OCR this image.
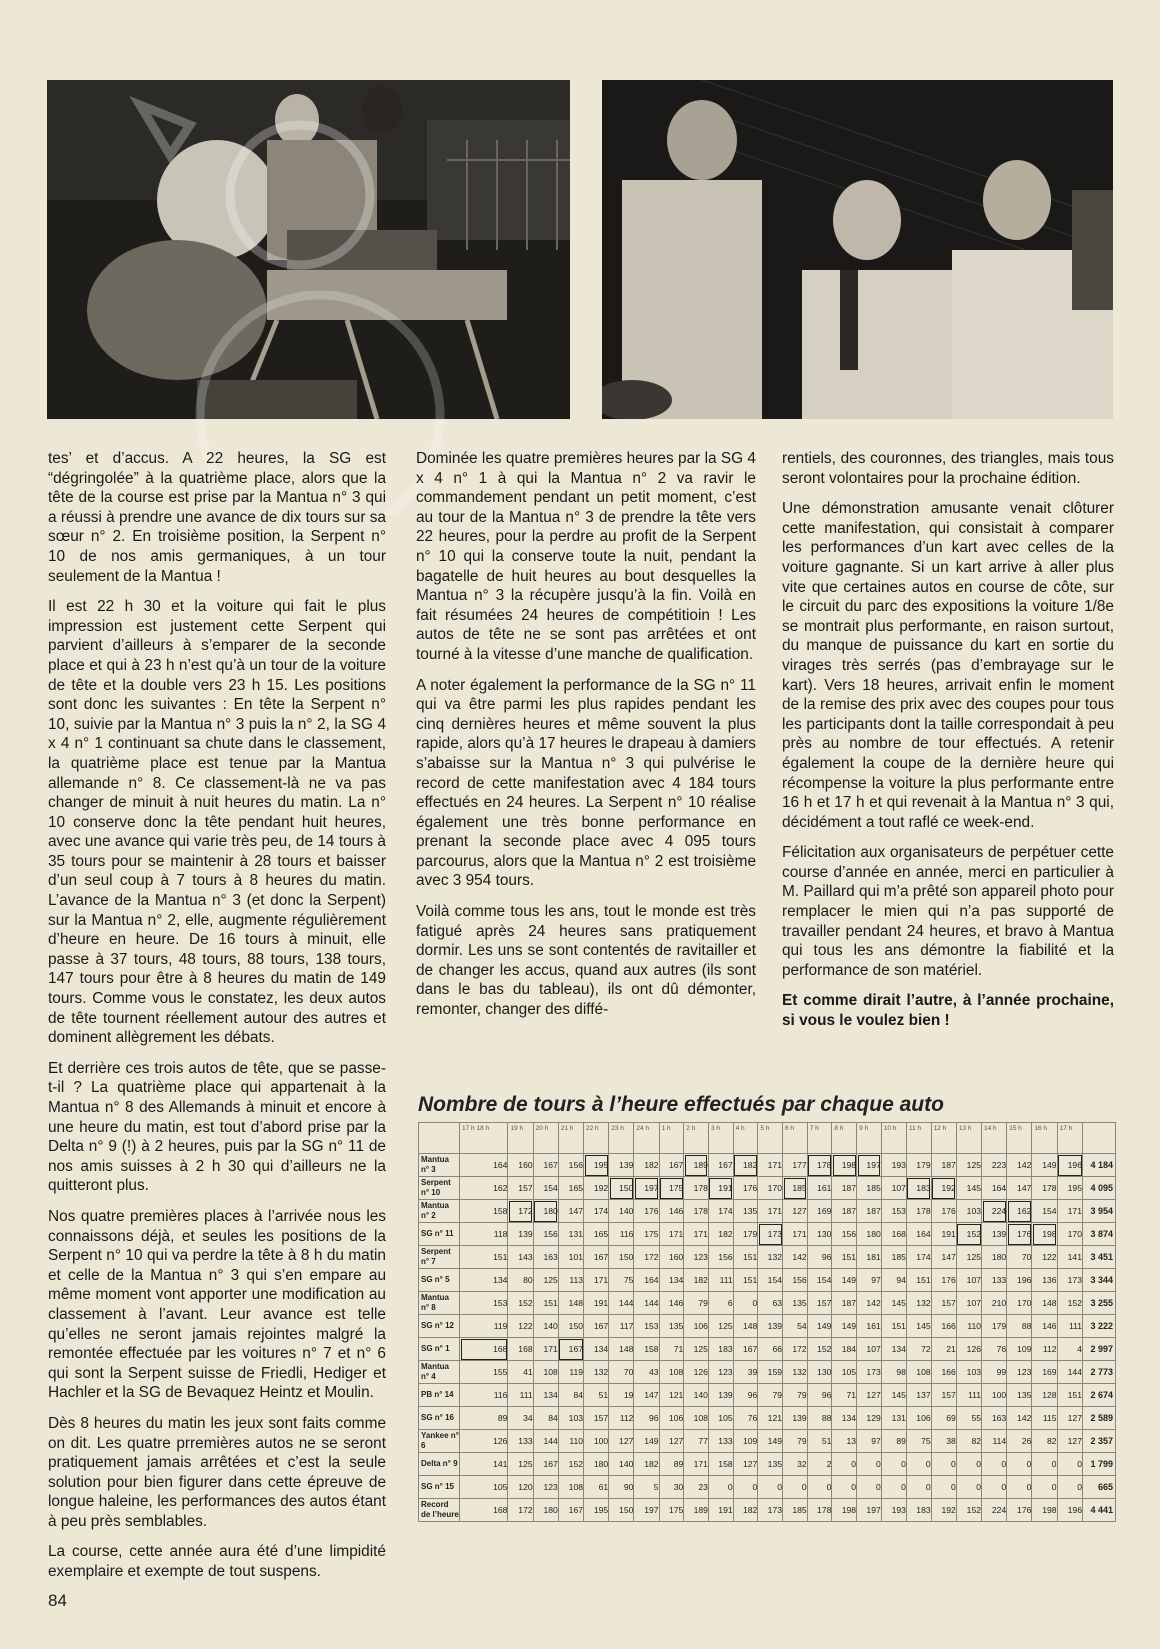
tes’ et d’accus. A 22 heures, la SG est “dégringolée” à la quatrième place, alors que la tête de la course est prise par la Mantua n° 3 qui a réussi à prendre une avance de dix tours sur sa sœur n° 2. En troisième position, la Serpent n° 10 de nos amis germaniques, à un tour seulement de la Mantua !

Il est 22 h 30 et la voiture qui fait le plus impression est justement cette Serpent qui parvient d’ailleurs à s’emparer de la seconde place et qui à 23 h n’est qu’à un tour de la voiture de tête et la double vers 23 h 15. Les positions sont donc les suivantes : En tête la Serpent n° 10, suivie par la Mantua n° 3 puis la n° 2, la SG 4 x 4 n° 1 continuant sa chute dans le classement, la quatrième place est tenue par la Mantua allemande n° 8. Ce classement-là ne va pas changer de minuit à nuit heures du matin. La n° 10 conserve donc la tête pendant huit heures, avec une avance qui varie très peu, de 14 tours à 35 tours pour se maintenir à 28 tours et baisser d’un seul coup à 7 tours à 8 heures du matin. L’avance de la Mantua n° 3 (et donc la Serpent) sur la Mantua n° 2, elle, augmente régulièrement d’heure en heure. De 16 tours à minuit, elle passe à 37 tours, 48 tours, 88 tours, 138 tours, 147 tours pour être à 8 heures du matin de 149 tours. Comme vous le constatez, les deux autos de tête tournent réellement autour des autres et dominent allègrement les débats.

Et derrière ces trois autos de tête, que se passe-t-il ? La quatrième place qui appartenait à la Mantua n° 8 des Allemands à minuit et encore à une heure du matin, est tout d’abord prise par la Delta n° 9 (!) à 2 heures, puis par la SG n° 11 de nos amis suisses à 2 h 30 qui d’ailleurs ne la quitteront plus.

Nos quatre premières places à l’arrivée nous les connaissons déjà, et seules les positions de la Serpent n° 10 qui va perdre la tête à 8 h du matin et celle de la Mantua n° 3 qui s’en empare au même moment vont apporter une modification au classement à l’avant. Leur avance est telle qu’elles ne seront jamais rejointes malgré la remontée effectuée par les voitures n° 7 et n° 6 qui sont la Serpent suisse de Friedli, Hediger et Hachler et la SG de Bevaquez Heintz et Moulin.

Dès 8 heures du matin les jeux sont faits comme on dit. Les quatre prremières autos ne se seront pratiquement jamais arrêtées et c’est la seule solution pour bien figurer dans cette épreuve de longue haleine, les performances des autos étant à peu près semblables.

La course, cette année aura été d’une limpidité exemplaire et exempte de tout suspens.

Dominée les quatre premières heures par la SG 4 x 4 n° 1 à qui la Mantua n° 2 va ravir le commandement pendant un petit moment, c’est au tour de la Mantua n° 3 de prendre la tête vers 22 heures, pour la perdre au profit de la Serpent n° 10 qui la conserve toute la nuit, pendant la bagatelle de huit heures au bout desquelles la Mantua n° 3 la récupère jusqu’à la fin. Voilà en fait résumées 24 heures de compétitioin ! Les autos de tête ne se sont pas arrêtées et ont tourné à la vitesse d’une manche de qualification.

A noter également la performance de la SG n° 11 qui va être parmi les plus rapides pendant les cinq dernières heures et même souvent la plus rapide, alors qu’à 17 heures le drapeau à damiers s’abaisse sur la Mantua n° 3 qui pulvérise le record de cette manifestation avec 4 184 tours effectués en 24 heures. La Serpent n° 10 réalise également une très bonne performance en prenant la seconde place avec 4 095 tours parcourus, alors que la Mantua n° 2 est troisième avec 3 954 tours.

Voilà comme tous les ans, tout le monde est très fatigué après 24 heures sans pratiquement dormir. Les uns se sont contentés de ravitailler et de changer les accus, quand aux autres (ils sont dans le bas du tableau), ils ont dû démonter, remonter, changer des diffé-

rentiels, des couronnes, des triangles, mais tous seront volontaires pour la prochaine édition.

Une démonstration amusante venait clôturer cette manifestation, qui consistait à comparer les performances d’un kart avec celles de la voiture gagnante. Si un kart arrive à aller plus vite que certaines autos en course de côte, sur le circuit du parc des expositions la voiture 1/8e se montrait plus performante, en raison surtout, du manque de puissance du kart en sortie du virages très serrés (pas d’embrayage sur le kart). Vers 18 heures, arrivait enfin le moment de la remise des prix avec des coupes pour tous les participants dont la taille correspondait à peu près au nombre de tour effectués. A retenir également la coupe de la dernière heure qui récompense la voiture la plus performante entre 16 h et 17 h et qui revenait à la Mantua n° 3 qui, décidément a tout raflé ce week-end.

Félicitation aux organisateurs de perpétuer cette course d’année en année, merci en particulier à M. Paillard qui m’a prêté son appareil photo pour remplacer le mien qui n’a pas supporté de travailler pendant 24 heures, et bravo à Mantua qui tous les ans démontre la fiabilité et la performance de son matériel.

Et comme dirait l’autre, à l’année prochaine, si vous le voulez bien !

Nombre de tours à l’heure effectués par chaque auto
	17 h 18 h	19 h	20 h	21 h	22 h	23 h	24 h	1 h	2 h	3 h	4 h	5 h	6 h	7 h	8 h	9 h	10 h	11 h	12 h	13 h	14 h	15 h	16 h	17 h	
Mantua n° 3	164	160	167	156	195	139	182	167	189	167	182	171	177	178	198	197	193	179	187	125	223	142	149	196	4 184
Serpent n° 10	162	157	154	165	192	150	197	175	178	191	176	170	185	161	187	185	107	183	192	145	164	147	178	195	4 095
Mantua n° 2	158	172	180	147	174	140	176	146	178	174	135	171	127	169	187	187	153	178	176	103	224	162	154	171	3 954
SG n° 11	118	139	156	131	165	116	175	171	171	182	179	173	171	130	156	180	168	164	191	152	139	176	198	170	3 874
Serpent n° 7	151	143	163	101	167	150	172	160	123	156	151	132	142	96	151	181	185	174	147	125	180	70	122	141	3 451
SG n° 5	134	80	125	113	171	75	164	134	182	111	151	154	156	154	149	97	94	151	176	107	133	196	136	173	3 344
Mantua n° 8	153	152	151	148	191	144	144	146	79	6	0	63	135	157	187	142	145	132	157	107	210	170	148	152	3 255
SG n° 12	119	122	140	150	167	117	153	135	106	125	148	139	54	149	149	161	151	145	166	110	179	88	146	111	3 222
SG n° 1	168	168	171	167	134	148	158	71	125	183	167	66	172	152	184	107	134	72	21	126	76	109	112	4	2 997
Mantua n° 4	155	41	108	119	132	70	43	108	126	123	39	159	132	130	105	173	98	108	166	103	99	123	169	144	2 773
PB n° 14	116	111	134	84	51	19	147	121	140	139	96	79	79	96	71	127	145	137	157	111	100	135	128	151	2 674
SG n° 16	89	34	84	103	157	112	96	106	108	105	76	121	139	88	134	129	131	106	69	55	163	142	115	127	2 589
Yankee n° 6	126	133	144	110	100	127	149	127	77	133	109	149	79	51	13	97	89	75	38	82	114	26	82	127	2 357
Delta n° 9	141	125	167	152	180	140	182	89	171	158	127	135	32	2	0	0	0	0	0	0	0	0	0	0	1 799
SG n° 15	105	120	123	108	61	90	5	30	23	0	0	0	0	0	0	0	0	0	0	0	0	0	0	0	665
Record de l’heure	168	172	180	167	195	150	197	175	189	191	182	173	185	178	198	197	193	183	192	152	224	176	198	196	4 441
84
